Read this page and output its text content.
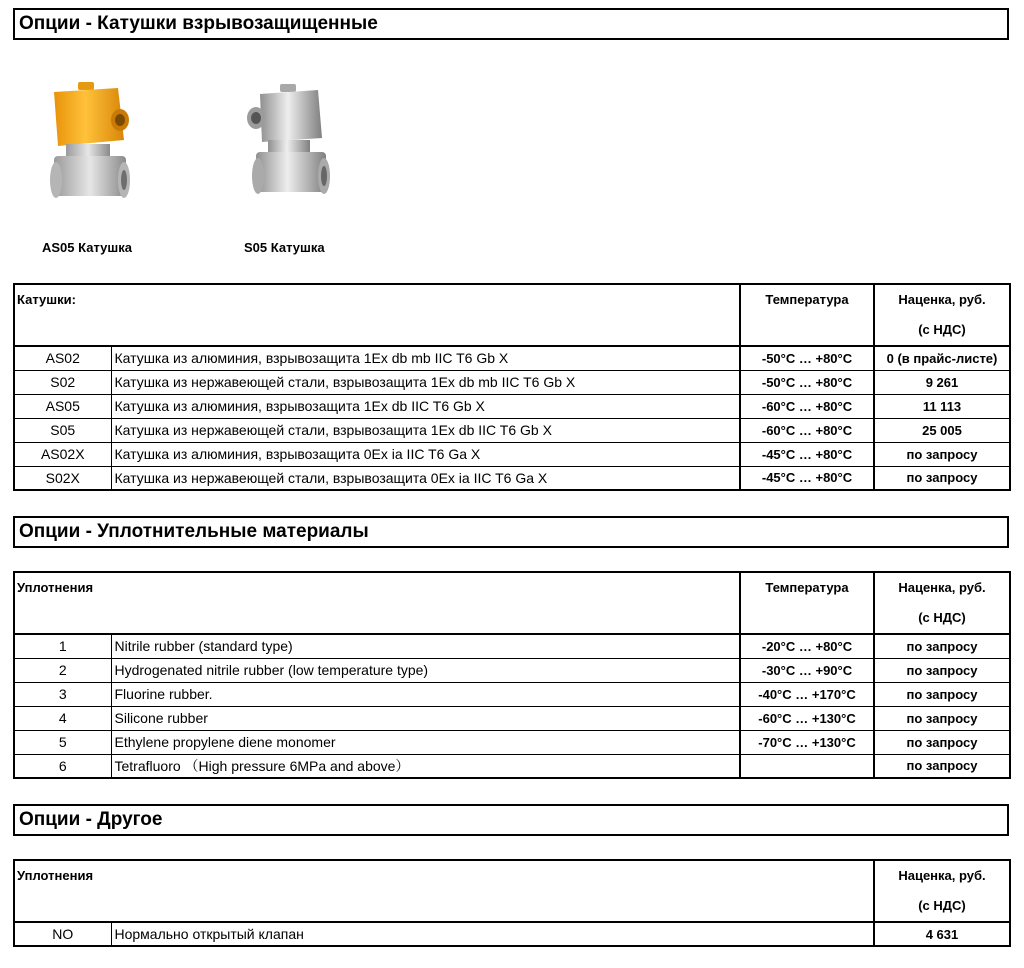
Опции - Катушки взрывозащищенные
AS05 Катушка	S05 Катушка
Катушки:		Температура	Наценка, руб.
(с НДС)

AS02	Катушка из алюминия, взрывозащита 1Ex db mb IIC T6 Gb X	-50°C … +80°C	0 (в прайс-листе)
S02	Катушка из нержавеющей стали, взрывозащита 1Ex db mb IIC T6 Gb X	-50°C … +80°C	9 261
AS05	Катушка из алюминия, взрывозащита 1Ex db IIC T6 Gb X	-60°C … +80°C	11 113
S05	Катушка из нержавеющей стали, взрывозащита 1Ex db IIC T6 Gb X	-60°C … +80°C	25 005
AS02X	Катушка из алюминия, взрывозащита 0Ex ia IIC T6 Ga X	-45°C … +80°C	по запросу
S02X	Катушка из нержавеющей стали, взрывозащита 0Ex ia IIC T6 Ga X	-45°C … +80°C	по запросу
Опции - Уплотнительные материалы
Уплотнения		Температура	Наценка, руб.
(с НДС)

1	Nitrile rubber (standard type)	-20°C … +80°C	по запросу
2	Hydrogenated nitrile rubber (low temperature type)	-30°C … +90°C	по запросу
3	Fluorine rubber.	-40°C … +170°C	по запросу
4	Silicone rubber	-60°C … +130°C	по запросу
5	Ethylene propylene diene monomer	-70°C … +130°C	по запросу
6	Tetrafluoro （High pressure 6MPa and above）		по запросу
Опции - Другое
Уплотнения		Наценка, руб.
(с НДС)

NO	Нормально открытый клапан	4 631
